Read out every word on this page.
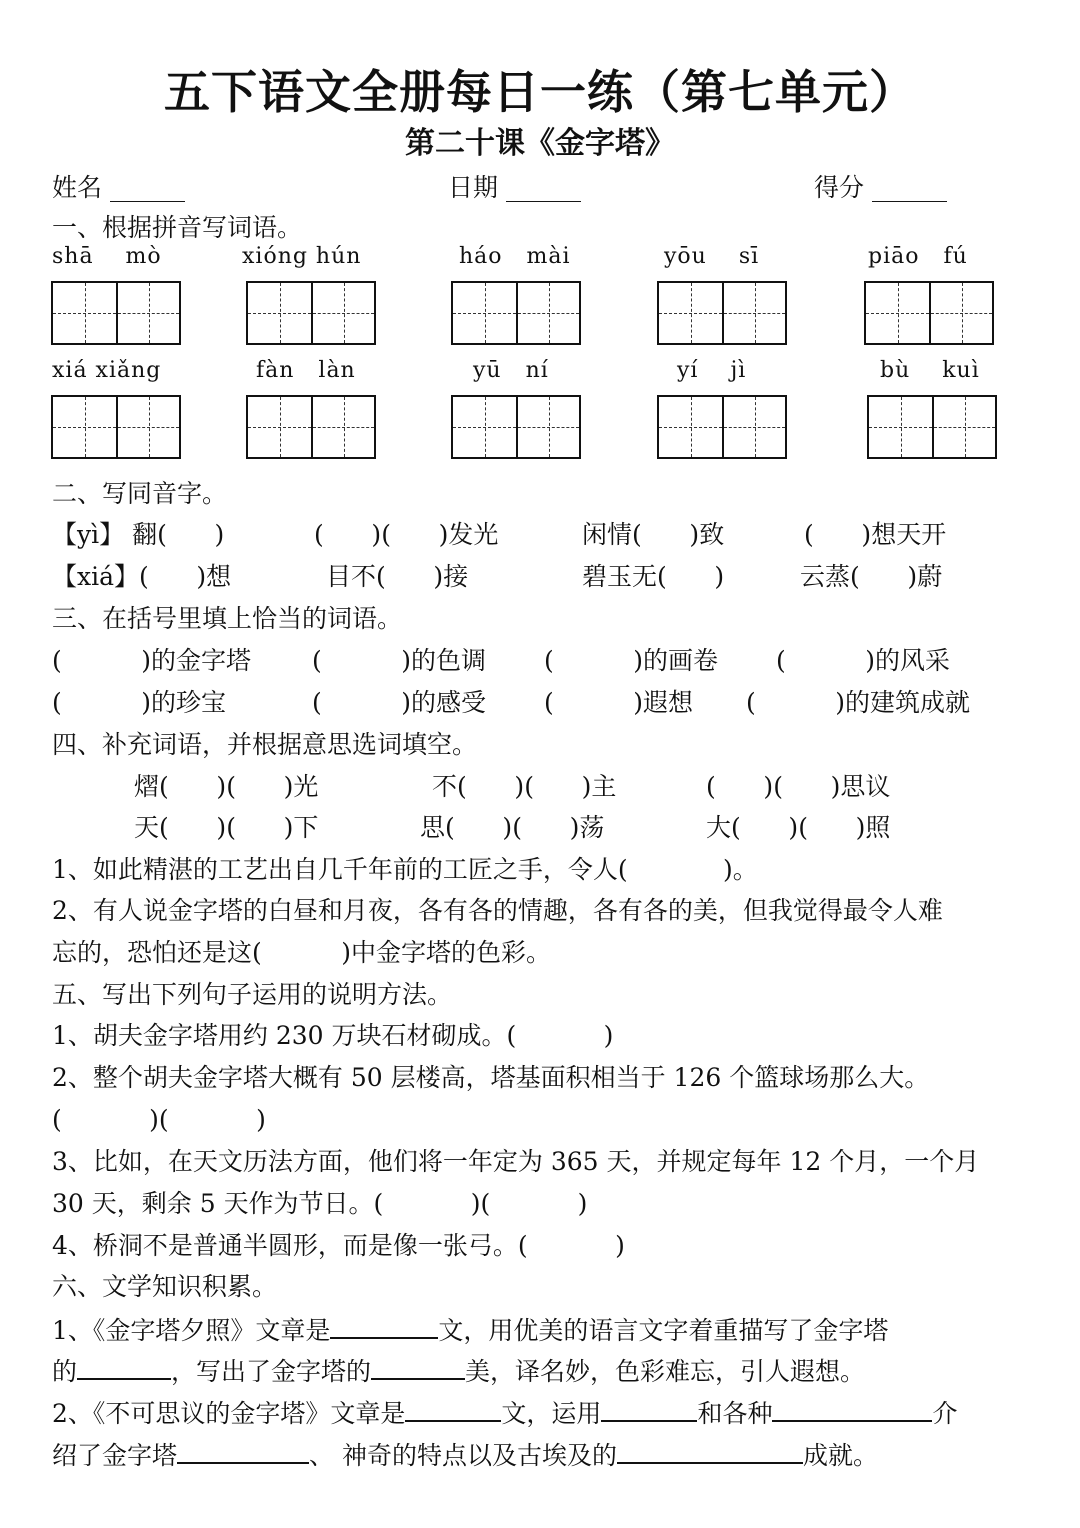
五下语文全册每日一练（第七单元）
第二十课《金字塔》
姓名 ______	日期 ______	得分 ______
一、根据拼音写词语。
shā    mò	xióng hún	háo   mài	yōu    sī	piāo   fú
xiá xiǎng	fàn   làn	yū   ní	yí    jì	bù    kuì
二、写同音字。
【yì】 翻(      )	(      )(      )发光	闲情(      )致	(      )想天开
【xiá】(      )想	目不(      )接	碧玉无(      )	云蒸(      )蔚
三、在括号里填上恰当的词语。
(          )的金字塔 (          )的色调 (          )的画卷 (          )的风采
(          )的珍宝	(          )的感受 (          )遐想 (          )的建筑成就
四、补充词语，并根据意思选词填空。
熠(      )(      )光	不(      )(      )主	(      )(      )思议
天(      )(      )下	思(      )(      )荡	大(      )(      )照
1、如此精湛的工艺出自几千年前的工匠之手，令人(            )。
2、有人说金字塔的白昼和月夜，各有各的情趣，各有各的美，但我觉得最令人难
忘的，恐怕还是这(          )中金字塔的色彩。
五、写出下列句子运用的说明方法。
1、胡夫金字塔用约 230 万块石材砌成。(           )
2、整个胡夫金字塔大概有 50 层楼高，塔基面积相当于 126 个篮球场那么大。
(           )(           )
3、比如，在天文历法方面，他们将一年定为 365 天，并规定每年 12 个月，一个月
30 天，剩余 5 天作为节日。(           )(           )
4、桥洞不是普通半圆形，而是像一张弓。(           )
六、文学知识积累。
1、《金字塔夕照》文章是	文，用优美的语言文字着重描写了金字塔
的	，写出了金字塔的	美，译名妙，色彩难忘，引人遐想。
2、《不可思议的金字塔》文章是	文，运用	和各种	介
绍了金字塔	、 神奇的特点以及古埃及的	成就。
